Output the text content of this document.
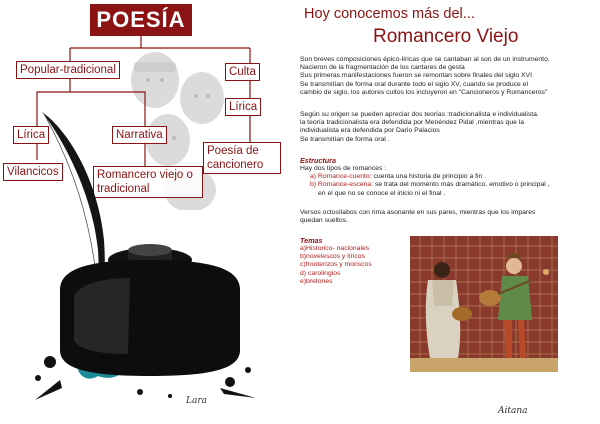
POESÍA
Popular-tradicional	Culta
Lírica	Narrativa
Lírica
Vilancicos	Romancero viejo o tradicional
Poesía de cancionero
Lara
Hoy conocemos más del...
Romancero Viejo
Son breves composiciones épico-líricas que se cantaban al son de un instrumento.
Nacieron de la fragmentación de los cantares de gesta
Sus primeras manifestaciones fueron se remontan sobre finales del siglo XVI
Se transmitían de forma oral durante todo el siglo XV, cuando se produce el
cambio de siglo, los autores cultos los incluyeron en "Cancioneros y Romanceros"
Según su origen se pueden apreciar dos teorías :tradicionalista e individualista.
la teoría tradicionalista era defendida por Menéndez Pidal ,mientras que la
individualista era defendida por Dario Palacios
Se transmitían de forma oral .
Estructura
Hay dos tipos de romances :
a) Romance-cuento: cuenta una historia de principio a fin .
b) Romance-escena: se trata del momento más dramático, emotivo o principal ,
en el que no se conoce el inicio ni el final .
Versos octosílabos con rima asonante en sus pares, mientras que los impares
quedan sueltos.
Temas
a)Historico- nacionales
b)novelescos y líricos
c)fronterizos y moriscos
d) carolingios
e)bretones
Aitana
